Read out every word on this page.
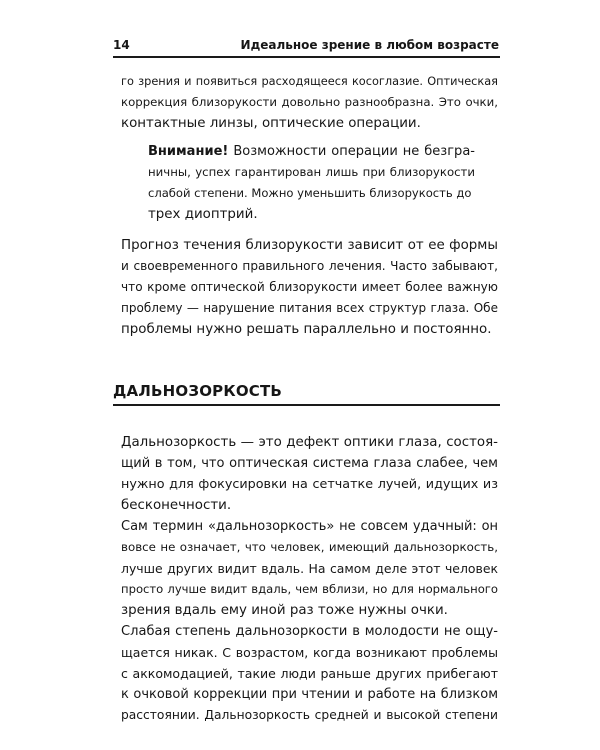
14	Идеальное зрение в любом возрасте
го зрения и появиться расходящееся косоглазие. Оптическая
коррекция близорукости довольно разнообразна. Это очки,
контактные линзы, оптические операции.
Внимание! Возможности операции не безгра-
ничны, успех гарантирован лишь при близорукости
слабой степени. Можно уменьшить близорукость до
трех диоптрий.
Прогноз течения близорукости зависит от ее формы
и своевременного правильного лечения. Часто забывают,
что кроме оптической близорукости имеет более важную
проблему — нарушение питания всех структур глаза. Обе
проблемы нужно решать параллельно и постоянно.
ДАЛЬНОЗОРКОСТЬ
Дальнозоркость — это дефект оптики глаза, состоя-
щий в том, что оптическая система глаза слабее, чем
нужно для фокусировки на сетчатке лучей, идущих из
бесконечности.
Сам термин «дальнозоркость» не совсем удачный: он
вовсе не означает, что человек, имеющий дальнозоркость,
лучше других видит вдаль. На самом деле этот человек
просто лучше видит вдаль, чем вблизи, но для нормального
зрения вдаль ему иной раз тоже нужны очки.
Слабая степень дальнозоркости в молодости не ощу-
щается никак. С возрастом, когда возникают проблемы
с аккомодацией, такие люди раньше других прибегают
к очковой коррекции при чтении и работе на близком
расстоянии. Дальнозоркость средней и высокой степени
